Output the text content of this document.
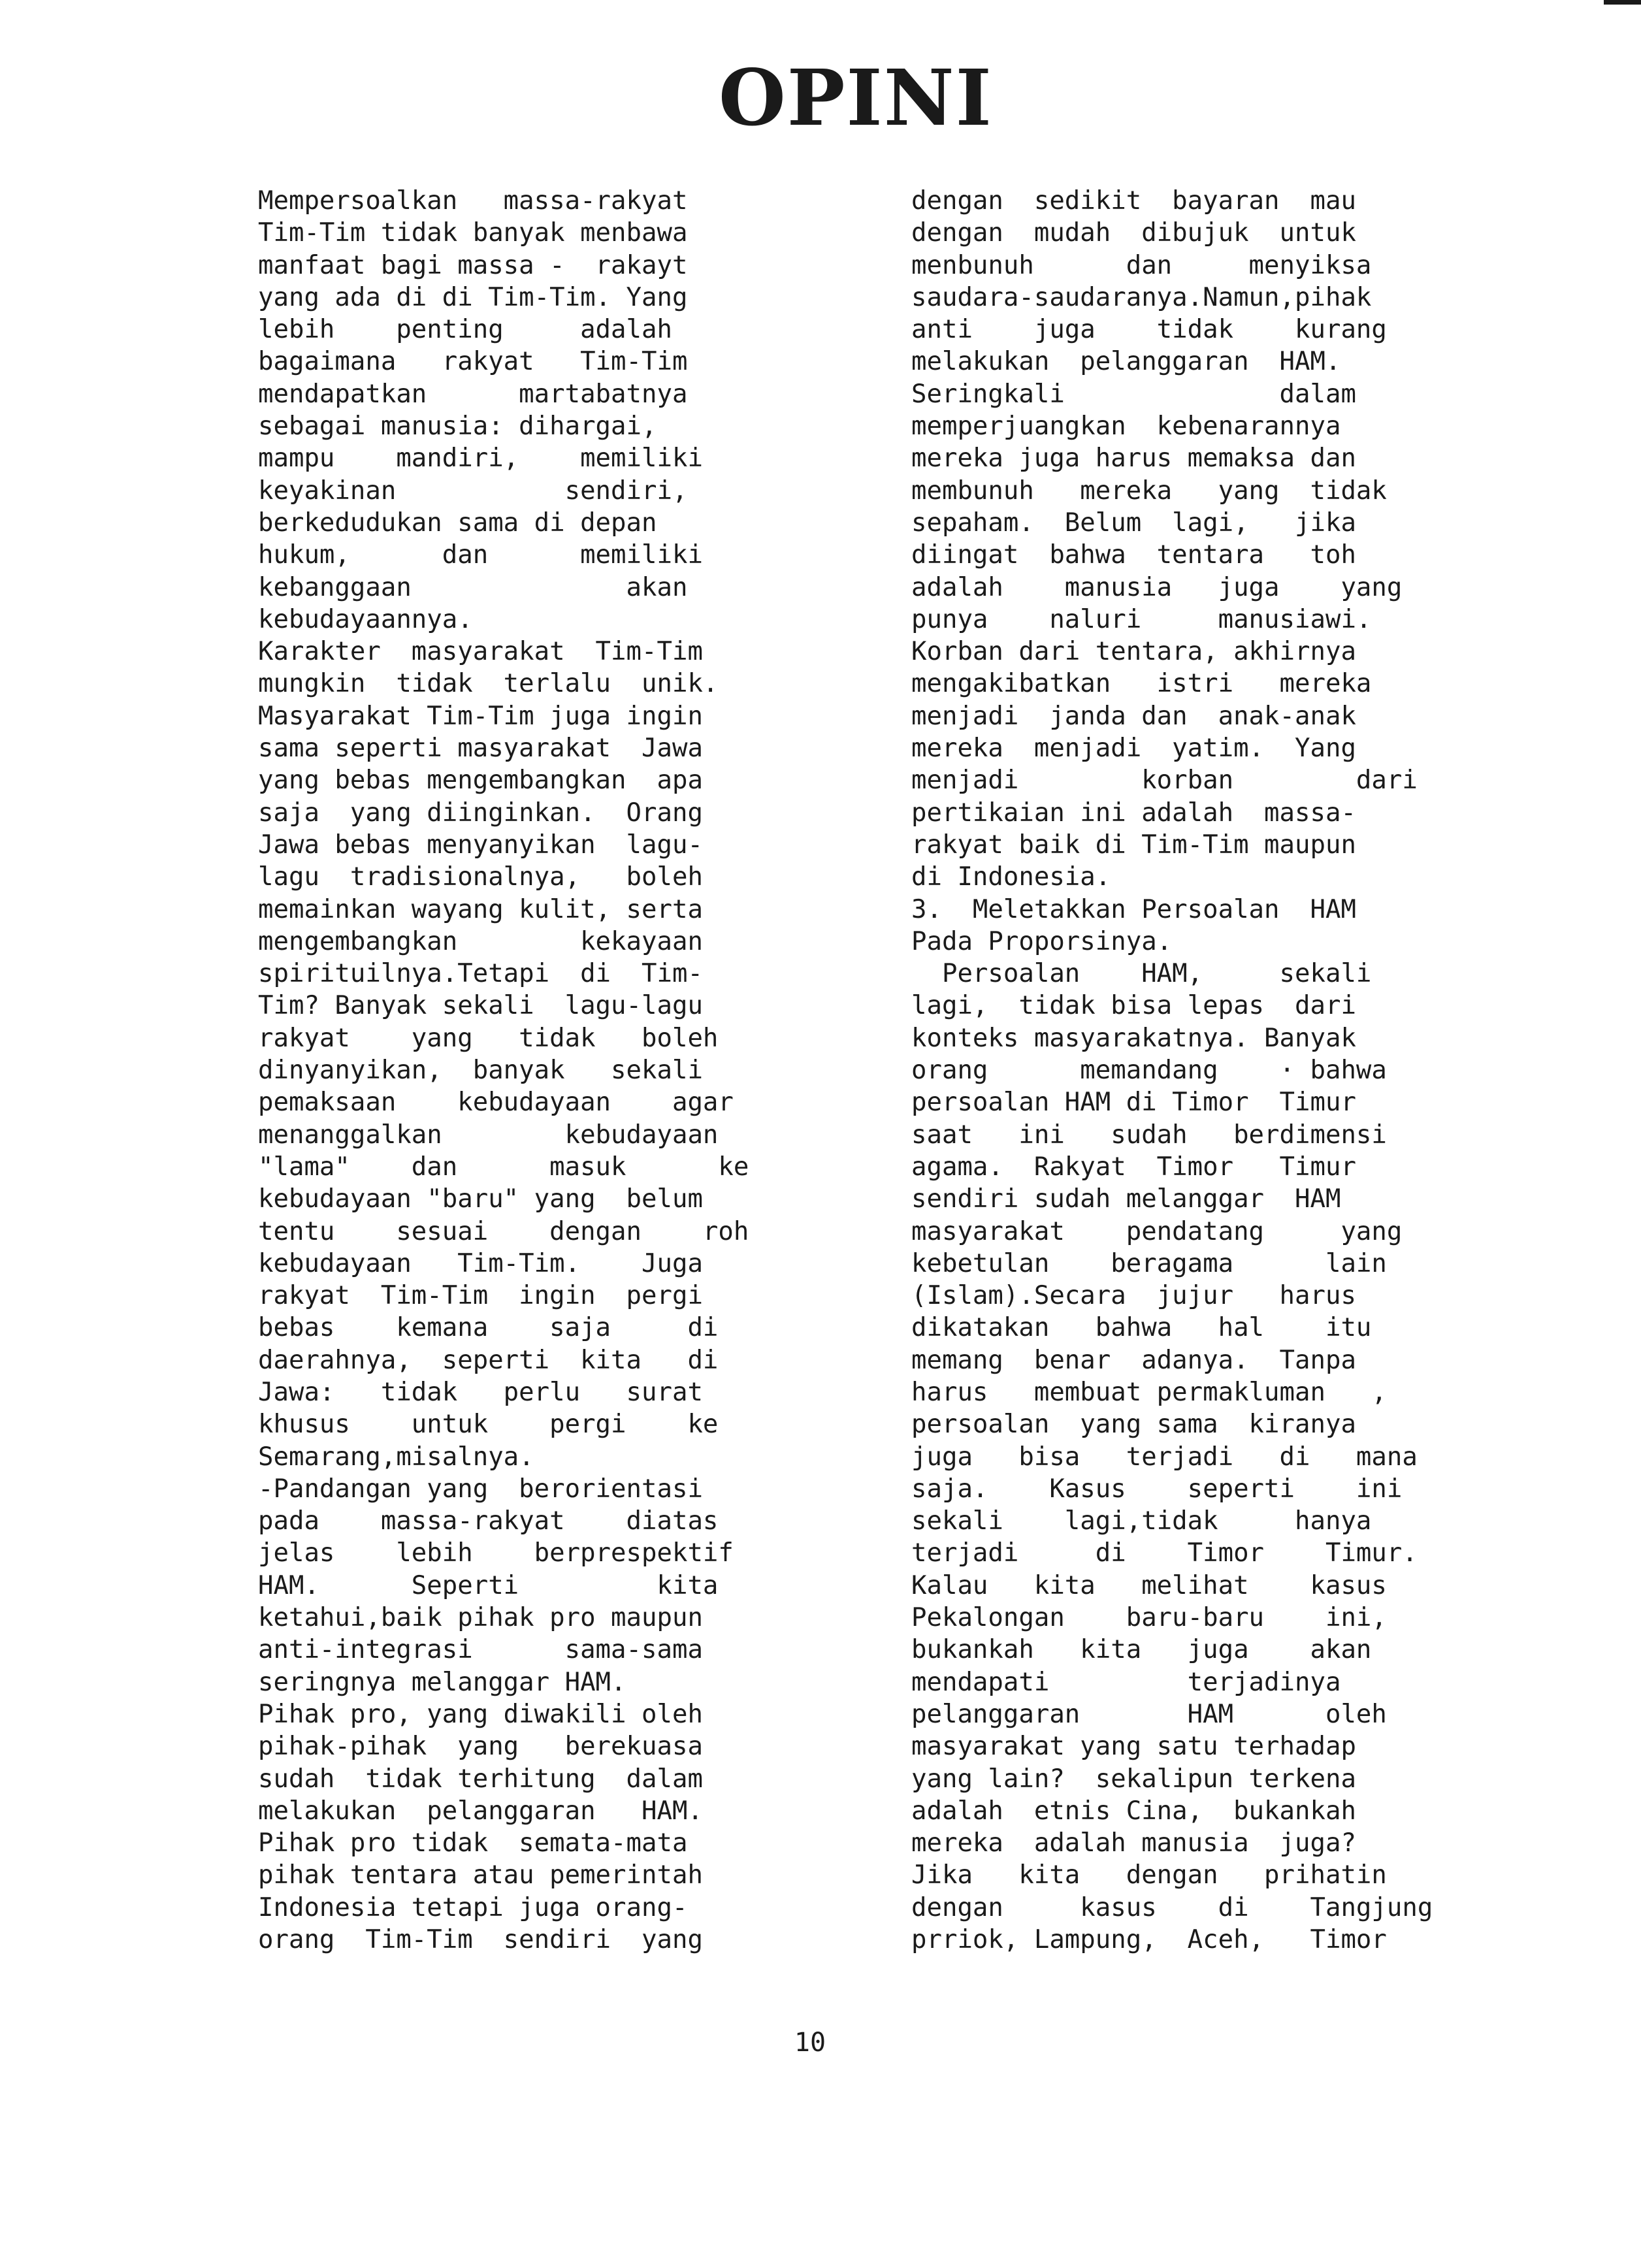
OPINI
Mempersoalkan   massa-rakyat
Tim-Tim tidak banyak menbawa
manfaat bagi massa -  rakayt
yang ada di di Tim-Tim. Yang
lebih    penting     adalah
bagaimana   rakyat   Tim-Tim
mendapatkan      martabatnya
sebagai manusia: dihargai,
mampu    mandiri,    memiliki
keyakinan           sendiri,
berkedudukan sama di depan
hukum,      dan      memiliki
kebanggaan              akan
kebudayaannya.
Karakter  masyarakat  Tim-Tim
mungkin  tidak  terlalu  unik.
Masyarakat Tim-Tim juga ingin
sama seperti masyarakat  Jawa
yang bebas mengembangkan  apa
saja  yang diinginkan.  Orang
Jawa bebas menyanyikan  lagu-
lagu  tradisionalnya,   boleh
memainkan wayang kulit, serta
mengembangkan        kekayaan
spirituilnya.Tetapi  di  Tim-
Tim? Banyak sekali  lagu-lagu
rakyat    yang   tidak   boleh
dinyanyikan,  banyak   sekali
pemaksaan    kebudayaan    agar
menanggalkan        kebudayaan
"lama"    dan      masuk      ke
kebudayaan "baru" yang  belum
tentu    sesuai    dengan    roh
kebudayaan   Tim-Tim.    Juga
rakyat  Tim-Tim  ingin  pergi
bebas    kemana    saja     di
daerahnya,  seperti  kita   di
Jawa:   tidak   perlu   surat
khusus    untuk    pergi    ke
Semarang,misalnya.
-Pandangan yang  berorientasi
pada    massa-rakyat    diatas
jelas    lebih    berprespektif
HAM.      Seperti         kita
ketahui,baik pihak pro maupun
anti-integrasi      sama-sama
seringnya melanggar HAM.
Pihak pro, yang diwakili oleh
pihak-pihak  yang   berekuasa
sudah  tidak terhitung  dalam
melakukan  pelanggaran   HAM.
Pihak pro tidak  semata-mata
pihak tentara atau pemerintah
Indonesia tetapi juga orang-
orang  Tim-Tim  sendiri  yang
dengan  sedikit  bayaran  mau
dengan  mudah  dibujuk  untuk
menbunuh      dan     menyiksa
saudara-saudaranya.Namun,pihak
anti    juga    tidak    kurang
melakukan  pelanggaran  HAM.
Seringkali              dalam
memperjuangkan  kebenarannya
mereka juga harus memaksa dan
membunuh   mereka   yang  tidak
sepaham.  Belum  lagi,   jika
diingat  bahwa  tentara   toh
adalah    manusia   juga    yang
punya    naluri     manusiawi.
Korban dari tentara, akhirnya
mengakibatkan   istri   mereka
menjadi  janda dan  anak-anak
mereka  menjadi  yatim.  Yang
menjadi        korban        dari
pertikaian ini adalah  massa-
rakyat baik di Tim-Tim maupun
di Indonesia.
3.  Meletakkan Persoalan  HAM
Pada Proporsinya.
Persoalan    HAM,     sekali
lagi,  tidak bisa lepas  dari
konteks masyarakatnya. Banyak
orang      memandang    · bahwa
persoalan HAM di Timor  Timur
saat   ini   sudah   berdimensi
agama.  Rakyat  Timor   Timur
sendiri sudah melanggar  HAM
masyarakat    pendatang     yang
kebetulan    beragama      lain
(Islam).Secara  jujur   harus
dikatakan   bahwa   hal    itu
memang  benar  adanya.  Tanpa
harus   membuat permakluman   ,
persoalan  yang sama  kiranya
juga   bisa   terjadi   di   mana
saja.    Kasus    seperti    ini
sekali    lagi,tidak     hanya
terjadi     di    Timor    Timur.
Kalau   kita   melihat    kasus
Pekalongan    baru-baru    ini,
bukankah   kita   juga    akan
mendapati         terjadinya
pelanggaran       HAM      oleh
masyarakat yang satu terhadap
yang lain?  sekalipun terkena
adalah  etnis Cina,  bukankah
mereka  adalah manusia  juga?
Jika   kita   dengan   prihatin
dengan     kasus    di    Tangjung
prriok, Lampung,  Aceh,   Timor
10
